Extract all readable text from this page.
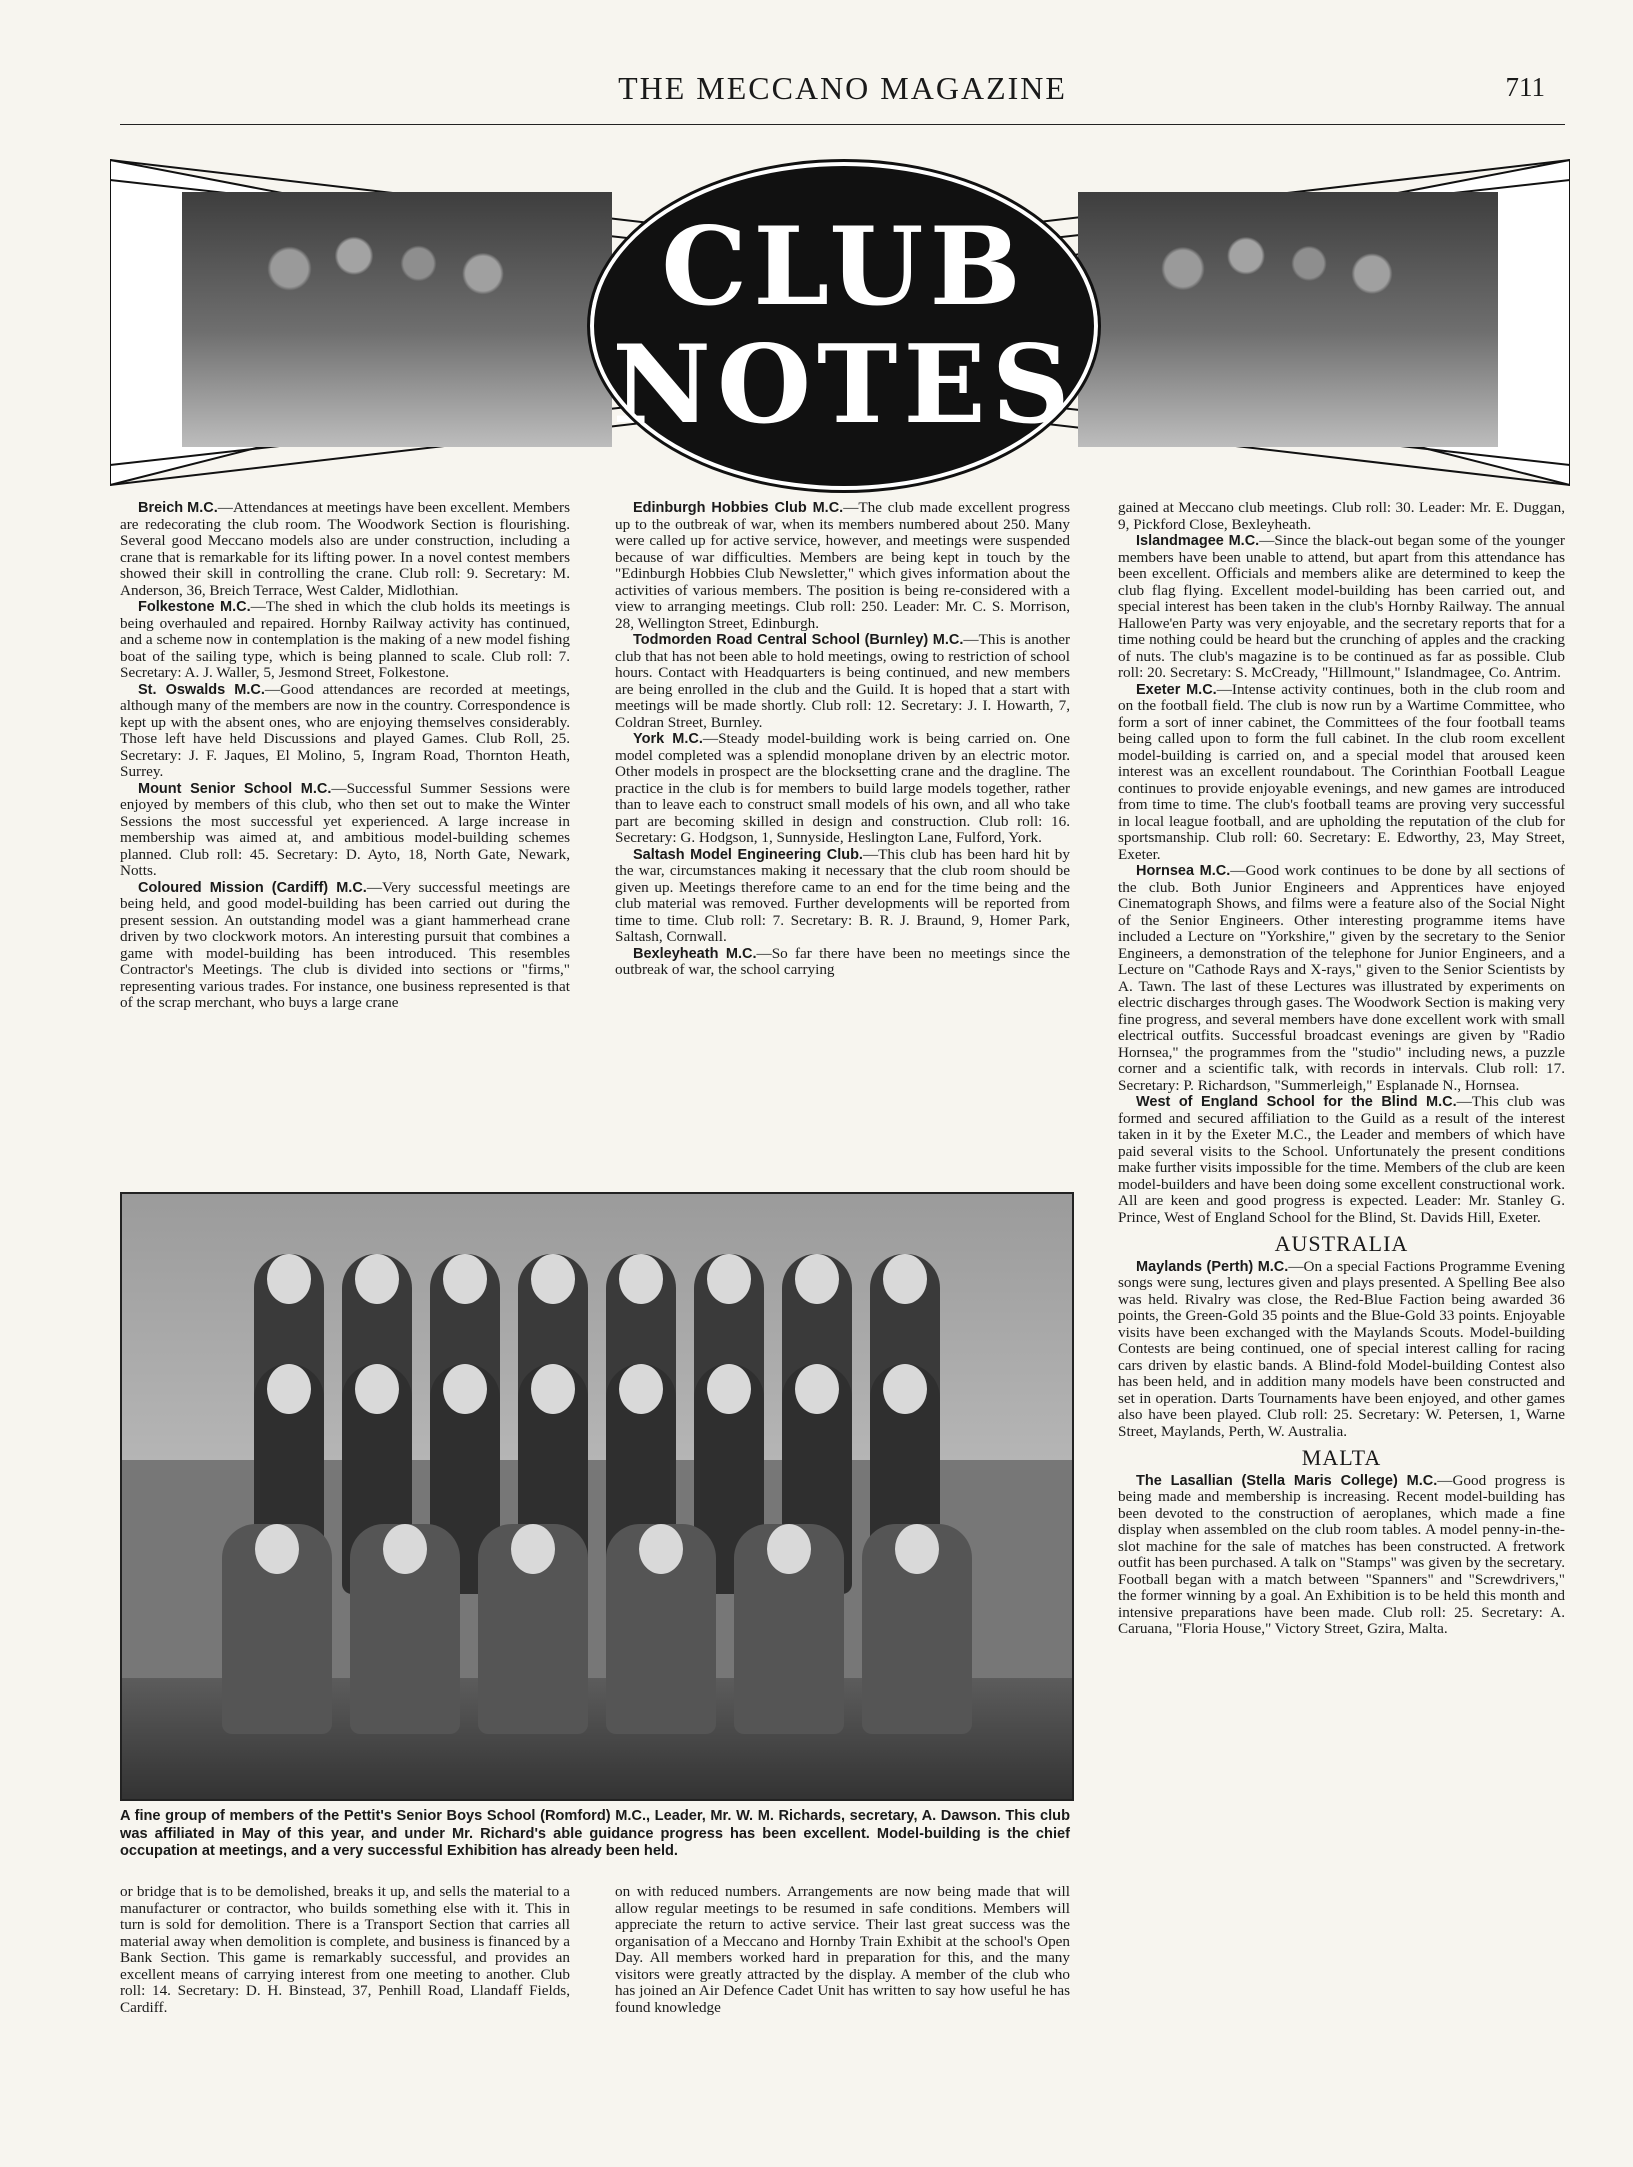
THE MECCANO MAGAZINE	711
CLUB
NOTES

Breich M.C.—Attendances at meetings have been excellent. Members are redecorating the club room. The Woodwork Section is flourishing. Several good Meccano models also are under construction, including a crane that is remarkable for its lifting power. In a novel contest members showed their skill in controlling the crane. Club roll: 9. Secretary: M. Anderson, 36, Breich Terrace, West Calder, Midlothian.

Folkestone M.C.—The shed in which the club holds its meetings is being overhauled and repaired. Hornby Railway activity has continued, and a scheme now in contemplation is the making of a new model fishing boat of the sailing type, which is being planned to scale. Club roll: 7. Secretary: A. J. Waller, 5, Jesmond Street, Folkestone.

St. Oswalds M.C.—Good attendances are recorded at meetings, although many of the members are now in the country. Correspondence is kept up with the absent ones, who are enjoying themselves considerably. Those left have held Discussions and played Games. Club Roll, 25. Secretary: J. F. Jaques, El Molino, 5, Ingram Road, Thornton Heath, Surrey.

Mount Senior School M.C.—Successful Summer Sessions were enjoyed by members of this club, who then set out to make the Winter Sessions the most successful yet experienced. A large increase in membership was aimed at, and ambitious model-building schemes planned. Club roll: 45. Secretary: D. Ayto, 18, North Gate, Newark, Notts.

Coloured Mission (Cardiff) M.C.—Very successful meetings are being held, and good model-building has been carried out during the present session. An outstanding model was a giant hammerhead crane driven by two clockwork motors. An interesting pursuit that combines a game with model-building has been introduced. This resembles Contractor's Meetings. The club is divided into sections or "firms," representing various trades. For instance, one business represented is that of the scrap merchant, who buys a large crane

Edinburgh Hobbies Club M.C.—The club made excellent progress up to the outbreak of war, when its members numbered about 250. Many were called up for active service, however, and meetings were suspended because of war difficulties. Members are being kept in touch by the "Edinburgh Hobbies Club Newsletter," which gives information about the activities of various members. The position is being re-considered with a view to arranging meetings. Club roll: 250. Leader: Mr. C. S. Morrison, 28, Wellington Street, Edinburgh.

Todmorden Road Central School (Burnley) M.C.—This is another club that has not been able to hold meetings, owing to restriction of school hours. Contact with Headquarters is being continued, and new members are being enrolled in the club and the Guild. It is hoped that a start with meetings will be made shortly. Club roll: 12. Secretary: J. I. Howarth, 7, Coldran Street, Burnley.

York M.C.—Steady model-building work is being carried on. One model completed was a splendid monoplane driven by an electric motor. Other models in prospect are the blocksetting crane and the dragline. The practice in the club is for members to build large models together, rather than to leave each to construct small models of his own, and all who take part are becoming skilled in design and construction. Club roll: 16. Secretary: G. Hodgson, 1, Sunnyside, Heslington Lane, Fulford, York.

Saltash Model Engineering Club.—This club has been hard hit by the war, circumstances making it necessary that the club room should be given up. Meetings therefore came to an end for the time being and the club material was removed. Further developments will be reported from time to time. Club roll: 7. Secretary: B. R. J. Braund, 9, Homer Park, Saltash, Cornwall.

Bexleyheath M.C.—So far there have been no meetings since the outbreak of war, the school carrying

gained at Meccano club meetings. Club roll: 30. Leader: Mr. E. Duggan, 9, Pickford Close, Bexleyheath.

Islandmagee M.C.—Since the black-out began some of the younger members have been unable to attend, but apart from this attendance has been excellent. Officials and members alike are determined to keep the club flag flying. Excellent model-building has been carried out, and special interest has been taken in the club's Hornby Railway. The annual Hallowe'en Party was very enjoyable, and the secretary reports that for a time nothing could be heard but the crunching of apples and the cracking of nuts. The club's magazine is to be continued as far as possible. Club roll: 20. Secretary: S. McCready, "Hillmount," Islandmagee, Co. Antrim.

Exeter M.C.—Intense activity continues, both in the club room and on the football field. The club is now run by a Wartime Committee, who form a sort of inner cabinet, the Committees of the four football teams being called upon to form the full cabinet. In the club room excellent model-building is carried on, and a special model that aroused keen interest was an excellent roundabout. The Corinthian Football League continues to provide enjoyable evenings, and new games are introduced from time to time. The club's football teams are proving very successful in local league football, and are upholding the reputation of the club for sportsmanship. Club roll: 60. Secretary: E. Edworthy, 23, May Street, Exeter.

Hornsea M.C.—Good work continues to be done by all sections of the club. Both Junior Engineers and Apprentices have enjoyed Cinematograph Shows, and films were a feature also of the Social Night of the Senior Engineers. Other interesting programme items have included a Lecture on "Yorkshire," given by the secretary to the Senior Engineers, a demonstration of the telephone for Junior Engineers, and a Lecture on "Cathode Rays and X-rays," given to the Senior Scientists by A. Tawn. The last of these Lectures was illustrated by experiments on electric discharges through gases. The Woodwork Section is making very fine progress, and several members have done excellent work with small electrical outfits. Successful broadcast evenings are given by "Radio Hornsea," the programmes from the "studio" including news, a puzzle corner and a scientific talk, with records in intervals. Club roll: 17. Secretary: P. Richardson, "Summerleigh," Esplanade N., Hornsea.

West of England School for the Blind M.C.—This club was formed and secured affiliation to the Guild as a result of the interest taken in it by the Exeter M.C., the Leader and members of which have paid several visits to the School. Unfortunately the present conditions make further visits impossible for the time. Members of the club are keen model-builders and have been doing some excellent constructional work. All are keen and good progress is expected. Leader: Mr. Stanley G. Prince, West of England School for the Blind, St. Davids Hill, Exeter.

AUSTRALIA

Maylands (Perth) M.C.—On a special Factions Programme Evening songs were sung, lectures given and plays presented. A Spelling Bee also was held. Rivalry was close, the Red-Blue Faction being awarded 36 points, the Green-Gold 35 points and the Blue-Gold 33 points. Enjoyable visits have been exchanged with the Maylands Scouts. Model-building Contests are being continued, one of special interest calling for racing cars driven by elastic bands. A Blind-fold Model-building Contest also has been held, and in addition many models have been constructed and set in operation. Darts Tournaments have been enjoyed, and other games also have been played. Club roll: 25. Secretary: W. Petersen, 1, Warne Street, Maylands, Perth, W. Australia.

MALTA

The Lasallian (Stella Maris College) M.C.—Good progress is being made and membership is increasing. Recent model-building has been devoted to the construction of aeroplanes, which made a fine display when assembled on the club room tables. A model penny-in-the-slot machine for the sale of matches has been constructed. A fretwork outfit has been purchased. A talk on "Stamps" was given by the secretary. Football began with a match between "Spanners" and "Screwdrivers," the former winning by a goal. An Exhibition is to be held this month and intensive preparations have been made. Club roll: 25. Secretary: A. Caruana, "Floria House," Victory Street, Gzira, Malta.

A fine group of members of the Pettit's Senior Boys School (Romford) M.C., Leader, Mr. W. M. Richards, secretary, A. Dawson. This club was affiliated in May of this year, and under Mr. Richard's able guidance progress has been excellent. Model-building is the chief occupation at meetings, and a very successful Exhibition has already been held.

or bridge that is to be demolished, breaks it up, and sells the material to a manufacturer or contractor, who builds something else with it. This in turn is sold for demolition. There is a Transport Section that carries all material away when demolition is complete, and business is financed by a Bank Section. This game is remarkably successful, and provides an excellent means of carrying interest from one meeting to another. Club roll: 14. Secretary: D. H. Binstead, 37, Penhill Road, Llandaff Fields, Cardiff.

on with reduced numbers. Arrangements are now being made that will allow regular meetings to be resumed in safe conditions. Members will appreciate the return to active service. Their last great success was the organisation of a Meccano and Hornby Train Exhibit at the school's Open Day. All members worked hard in preparation for this, and the many visitors were greatly attracted by the display. A member of the club who has joined an Air Defence Cadet Unit has written to say how useful he has found knowledge
